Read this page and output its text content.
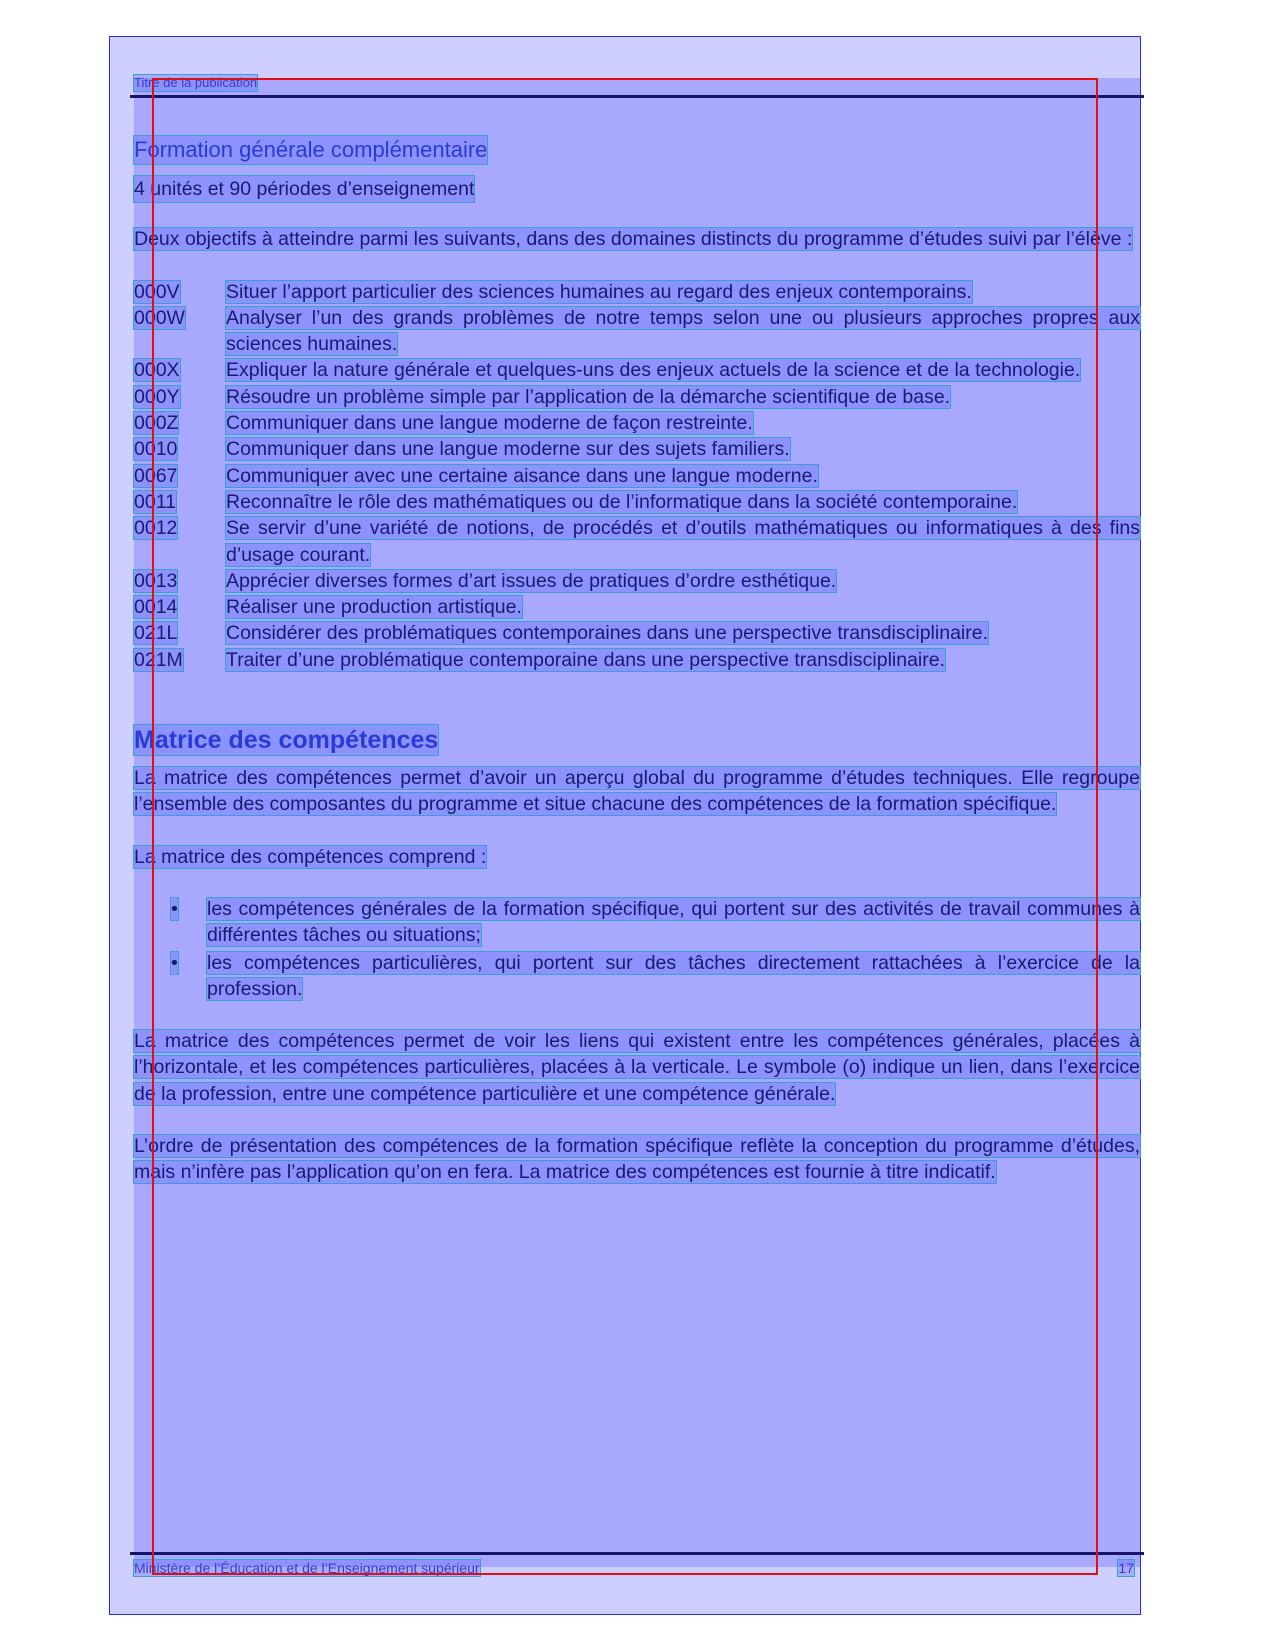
Titre de la publication
Formation générale complémentaire
4 unités et 90 périodes d’enseignement

Deux objectifs à atteindre parmi les suivants, dans des domaines distincts du programme d’études suivi par l’élève :

000V	Situer l’apport particulier des sciences humaines au regard des enjeux contemporains.
000W	Analyser l’un des grands problèmes de notre temps selon une ou plusieurs approches propres aux sciences humaines.
000X	Expliquer la nature générale et quelques-uns des enjeux actuels de la science et de la technologie.
000Y	Résoudre un problème simple par l’application de la démarche scientifique de base.
000Z	Communiquer dans une langue moderne de façon restreinte.
0010	Communiquer dans une langue moderne sur des sujets familiers.
0067	Communiquer avec une certaine aisance dans une langue moderne.
0011	Reconnaître le rôle des mathématiques ou de l’informatique dans la société contemporaine.
0012	Se servir d’une variété de notions, de procédés et d’outils mathématiques ou informatiques à des fins d’usage courant.
0013	Apprécier diverses formes d’art issues de pratiques d’ordre esthétique.
0014	Réaliser une production artistique.
021L	Considérer des problématiques contemporaines dans une perspective transdisciplinaire.
021M	Traiter d’une problématique contemporaine dans une perspective transdisciplinaire.
Matrice des compétences

La matrice des compétences permet d’avoir un aperçu global du programme d’études techniques. Elle regroupe l’ensemble des composantes du programme et situe chacune des compétences de la formation spécifique.

La matrice des compétences comprend :

•	les compétences générales de la formation spécifique, qui portent sur des activités de travail communes à différentes tâches ou situations;
•	les compétences particulières, qui portent sur des tâches directement rattachées à l’exercice de la profession.

La matrice des compétences permet de voir les liens qui existent entre les compétences générales, placées à l’horizontale, et les compétences particulières, placées à la verticale. Le symbole (o) indique un lien, dans l’exercice de la profession, entre une compétence particulière et une compétence générale.

L’ordre de présentation des compétences de la formation spécifique reflète la conception du programme d’études, mais n’infère pas l’application qu’on en fera. La matrice des compétences est fournie à titre indicatif.

Ministère de l’Éducation et de l’Enseignement supérieur	17
